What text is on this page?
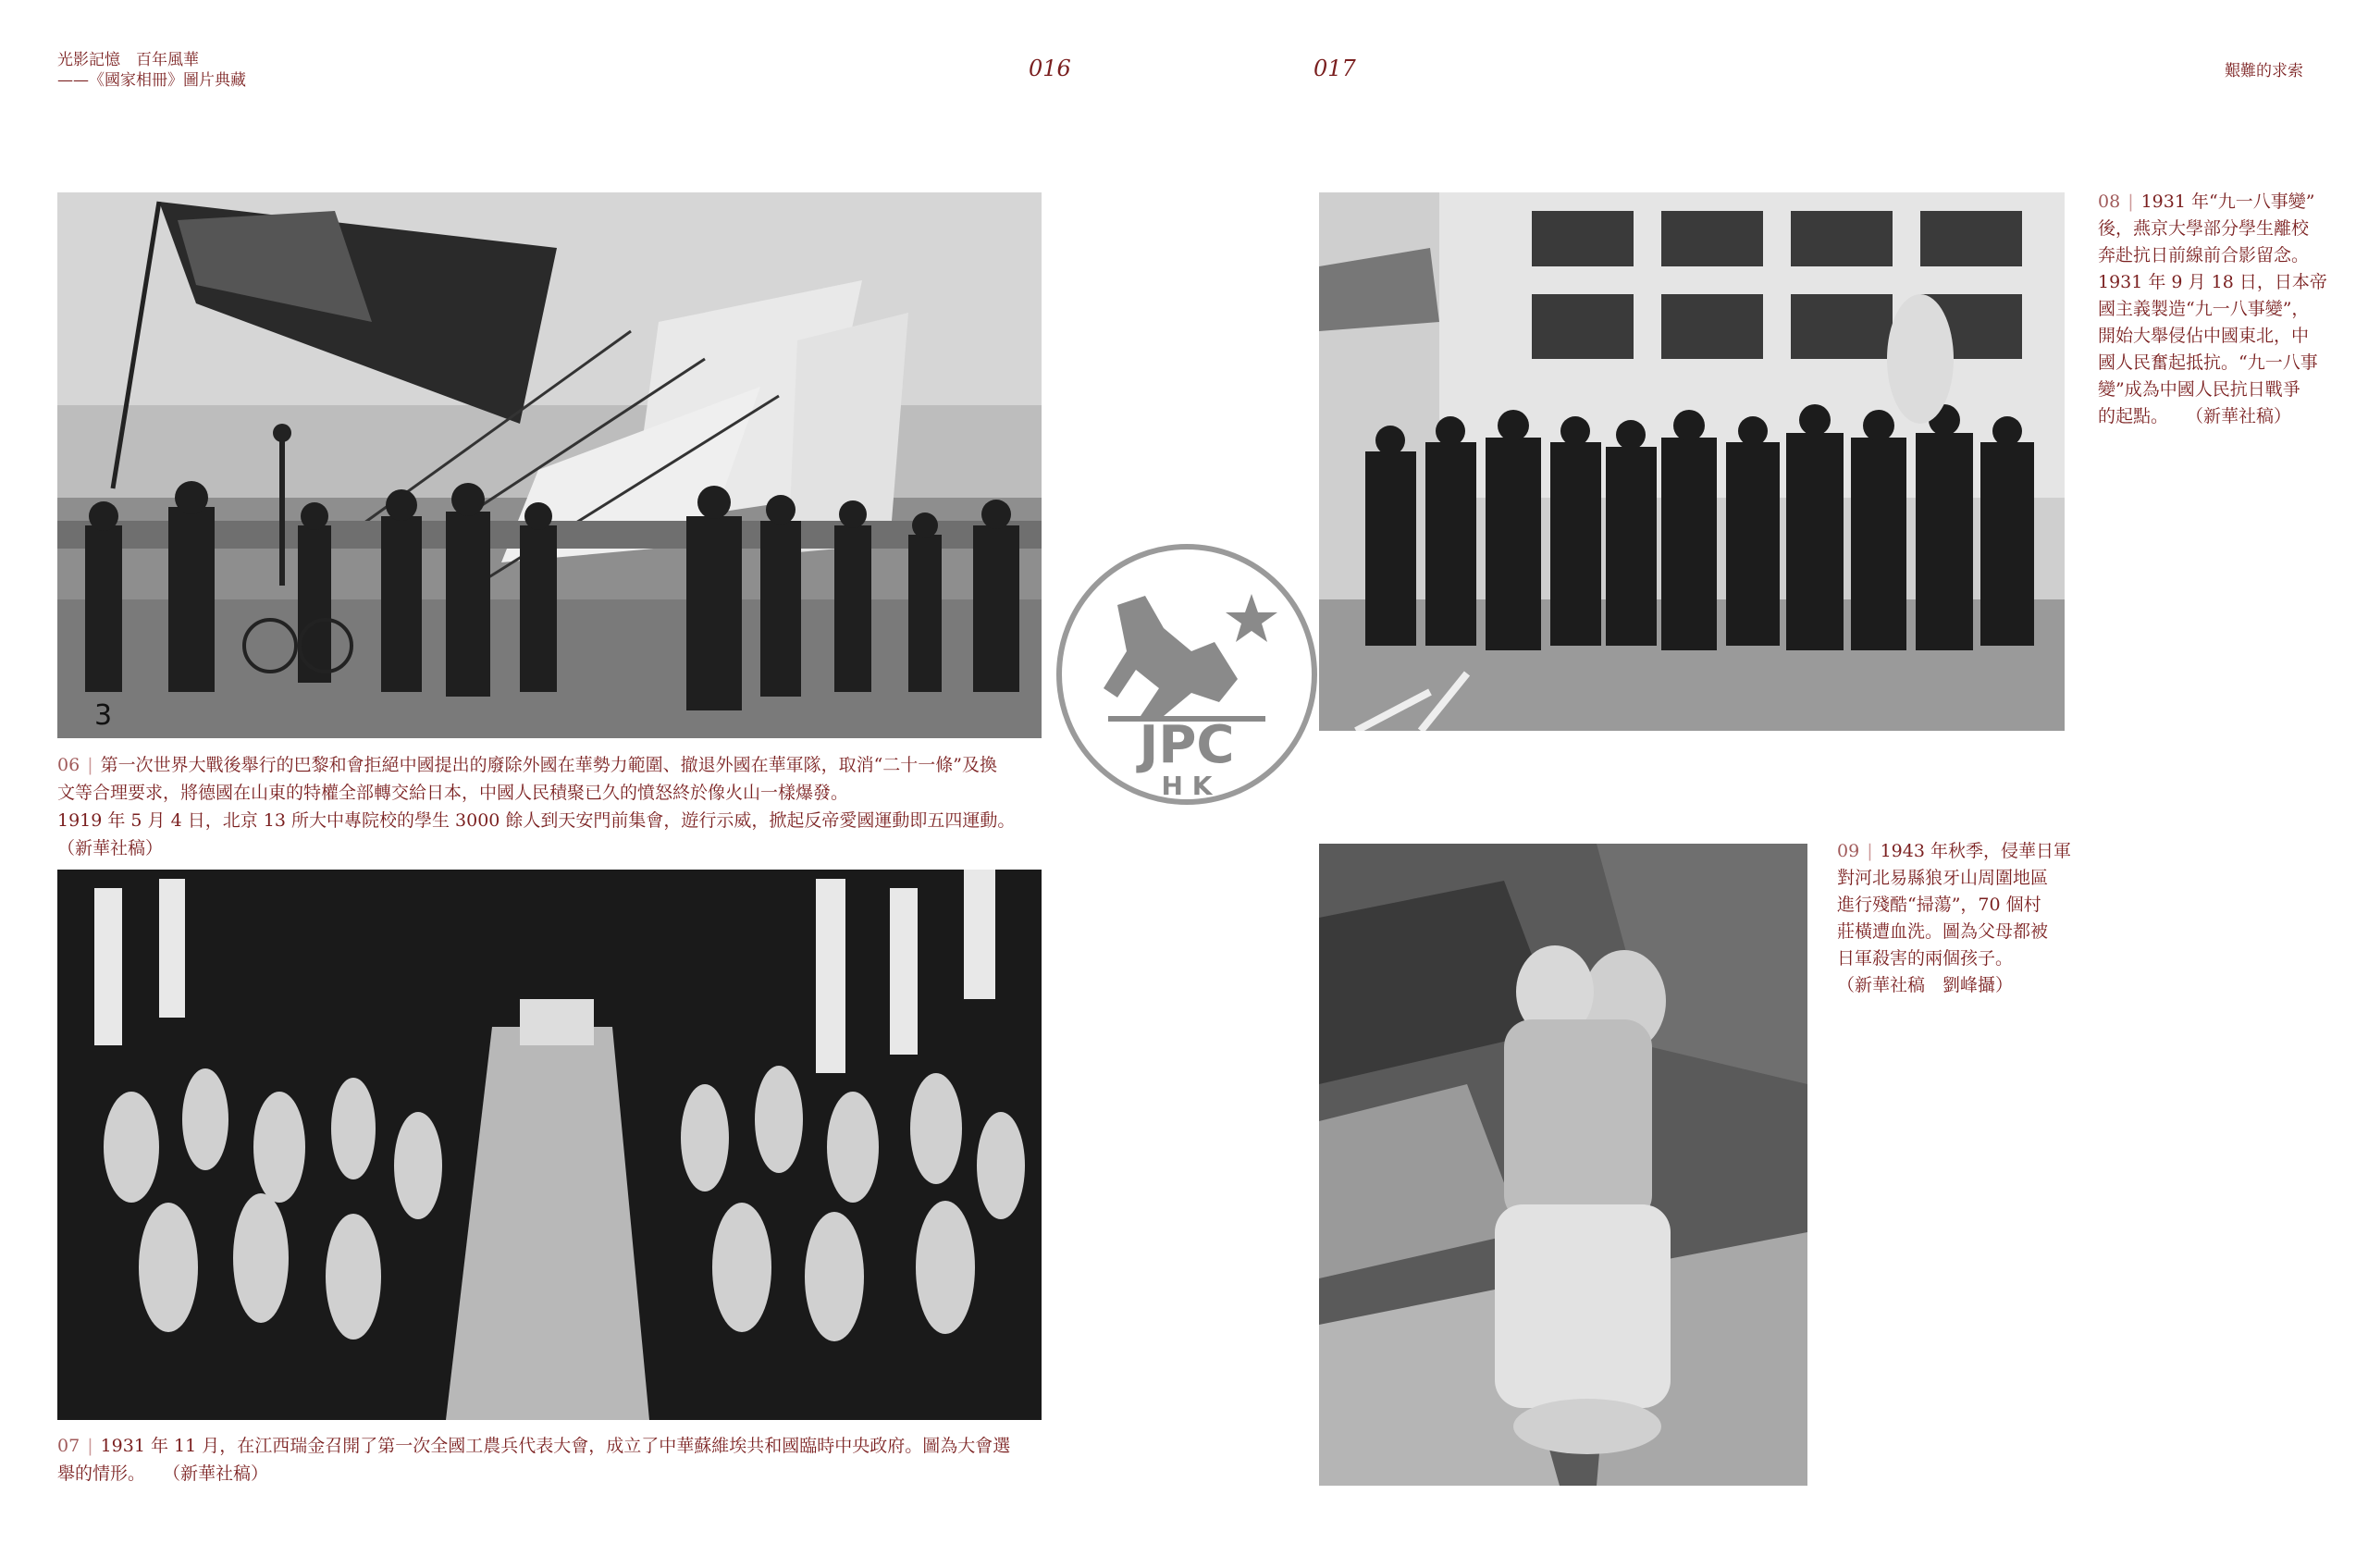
光影記憶　百年風華
——《國家相冊》圖片典藏	016	017	艱難的求索
3
06 | 第一次世界大戰後舉行的巴黎和會拒絕中國提出的廢除外國在華勢力範圍、撤退外國在華軍隊，取消“二十一條”及換
文等合理要求，將德國在山東的特權全部轉交給日本，中國人民積聚已久的憤怒終於像火山一樣爆發。
1919 年 5 月 4 日，北京 13 所大中專院校的學生 3000 餘人到天安門前集會，遊行示威，掀起反帝愛國運動即五四運動。
（新華社稿）
07 | 1931 年 11 月，在江西瑞金召開了第一次全國工農兵代表大會，成立了中華蘇維埃共和國臨時中央政府。圖為大會選
舉的情形。　　（新華社稿）
08 | 1931 年“九一八事變”
後，燕京大學部分學生離校
奔赴抗日前線前合影留念。
1931 年 9 月 18 日，日本帝
國主義製造“九一八事變”，
開始大舉侵佔中國東北，中
國人民奮起抵抗。“九一八事
變”成為中國人民抗日戰爭
的起點。　　（新華社稿）
09 | 1943 年秋季，侵華日軍
對河北易縣狼牙山周圍地區
進行殘酷“掃蕩”，70 個村
莊橫遭血洗。圖為父母都被
日軍殺害的兩個孩子。
（新華社稿　劉峰攝）
JPC
H K
